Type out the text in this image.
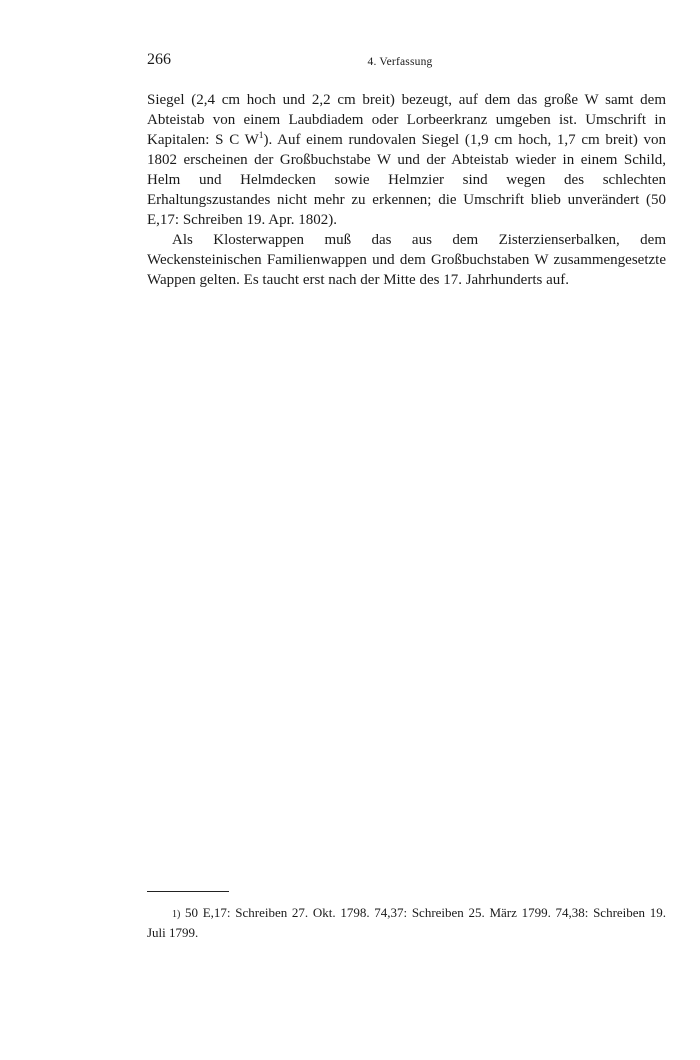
266	4. Verfassung

Siegel (2,4 cm hoch und 2,2 cm breit) bezeugt, auf dem das große W samt dem Abteistab von einem Laubdiadem oder Lorbeerkranz umgeben ist. Umschrift in Kapitalen: S C W$^1$). Auf einem rundovalen Siegel (1,9 cm hoch, 1,7 cm breit) von 1802 erscheinen der Großbuchstabe W und der Abteistab wieder in einem Schild, Helm und Helmdecken sowie Helmzier sind wegen des schlechten Erhaltungszustandes nicht mehr zu erkennen; die Umschrift blieb unverändert (50 E,17: Schreiben 19. Apr. 1802).

Als Klosterwappen muß das aus dem Zisterzienserbalken, dem Weckensteinischen Familienwappen und dem Großbuchstaben W zusammengesetzte Wappen gelten. Es taucht erst nach der Mitte des 17. Jahrhunderts auf.

1) 50 E,17: Schreiben 27. Okt. 1798. 74,37: Schreiben 25. März 1799. 74,38: Schreiben 19. Juli 1799.
